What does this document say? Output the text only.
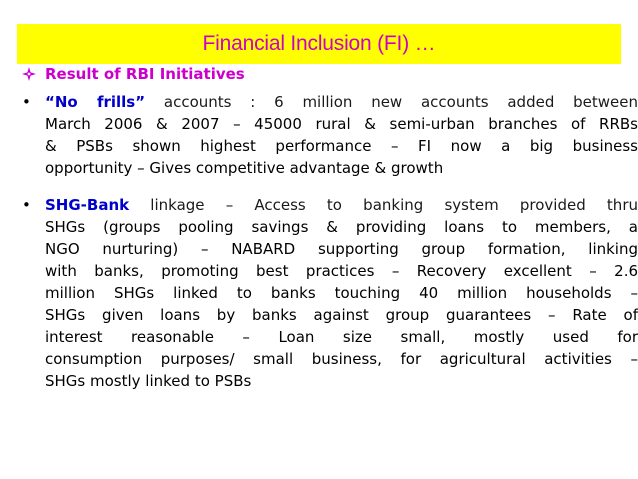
Financial Inclusion (FI) …
Result of RBI Initiatives
• “No frills” accounts : 6 million new accounts added between
March 2006 & 2007 – 45000 rural & semi-urban branches of RRBs
& PSBs shown highest performance – FI now a big business
opportunity – Gives competitive advantage & growth
• SHG-Bank linkage – Access to banking system provided thru
SHGs (groups pooling savings & providing loans to members, a
NGO nurturing) – NABARD supporting group formation, linking
with banks, promoting best practices – Recovery excellent – 2.6
million SHGs linked to banks touching 40 million households –
SHGs given loans by banks against group guarantees – Rate of
interest reasonable – Loan size small, mostly used for
consumption purposes/ small business, for agricultural activities –
SHGs mostly linked to PSBs
